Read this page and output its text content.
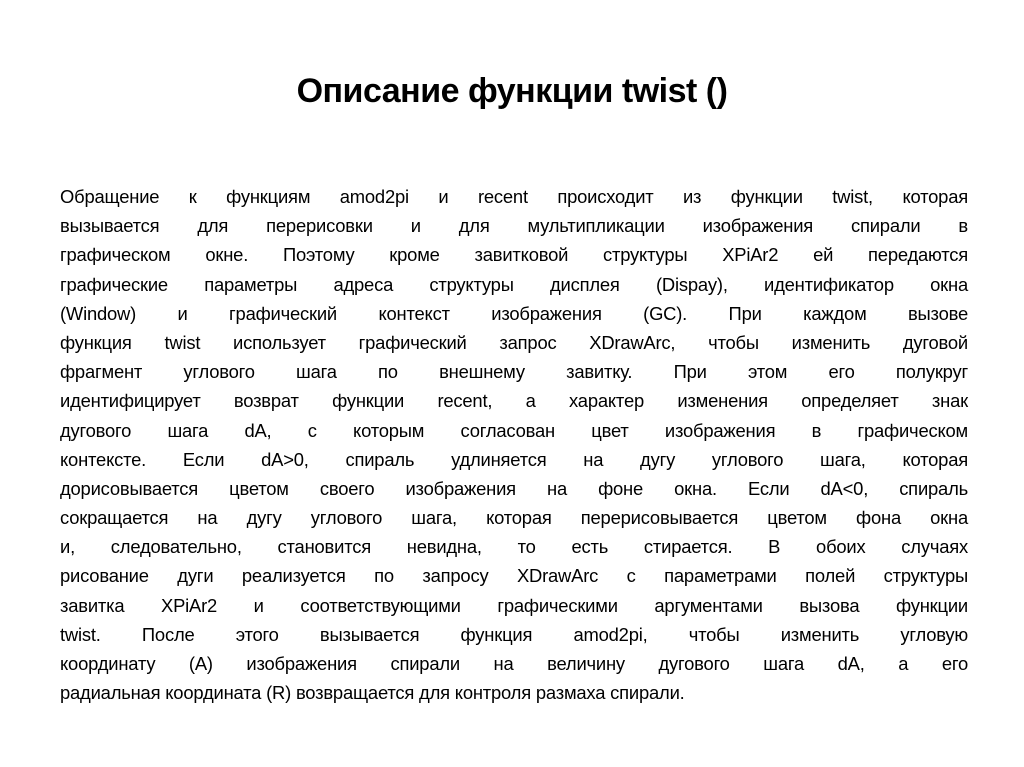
Описание функции twist ()
Обращение к функциям amod2pi и recent происходит из функции twist, которая
вызывается для перерисовки и для мультипликации изображения спирали в
графическом окне. Поэтому кроме завитковой структуры XPiAr2 ей передаются
графические параметры адреса структуры дисплея (Dispay), идентификатор окна
(Window) и графический контекст изображения (GC). При каждом вызове
функция twist использует графический запрос XDrawArc, чтобы изменить дуговой
фрагмент углового шага по внешнему завитку. При этом его полукруг
идентифицирует возврат функции recent, а характер изменения определяет знак
дугового шага dA, с которым согласован цвет изображения в графическом
контексте. Если dA>0, спираль удлиняется на дугу углового шага, которая
дорисовывается цветом своего изображения на фоне окна. Если dA<0, спираль
сокращается на дугу углового шага, которая перерисовывается цветом фона окна
и, следовательно, становится невидна, то есть стирается. В обоих случаях
рисование дуги реализуется по запросу XDrawArc с параметрами полей структуры
завитка XPiAr2 и соответствующими графическими аргументами вызова функции
twist. После этого вызывается функция amod2pi, чтобы изменить угловую
координату (A) изображения спирали на величину дугового шага dA, а его
радиальная координата (R) возвращается для контроля размаха спирали.
